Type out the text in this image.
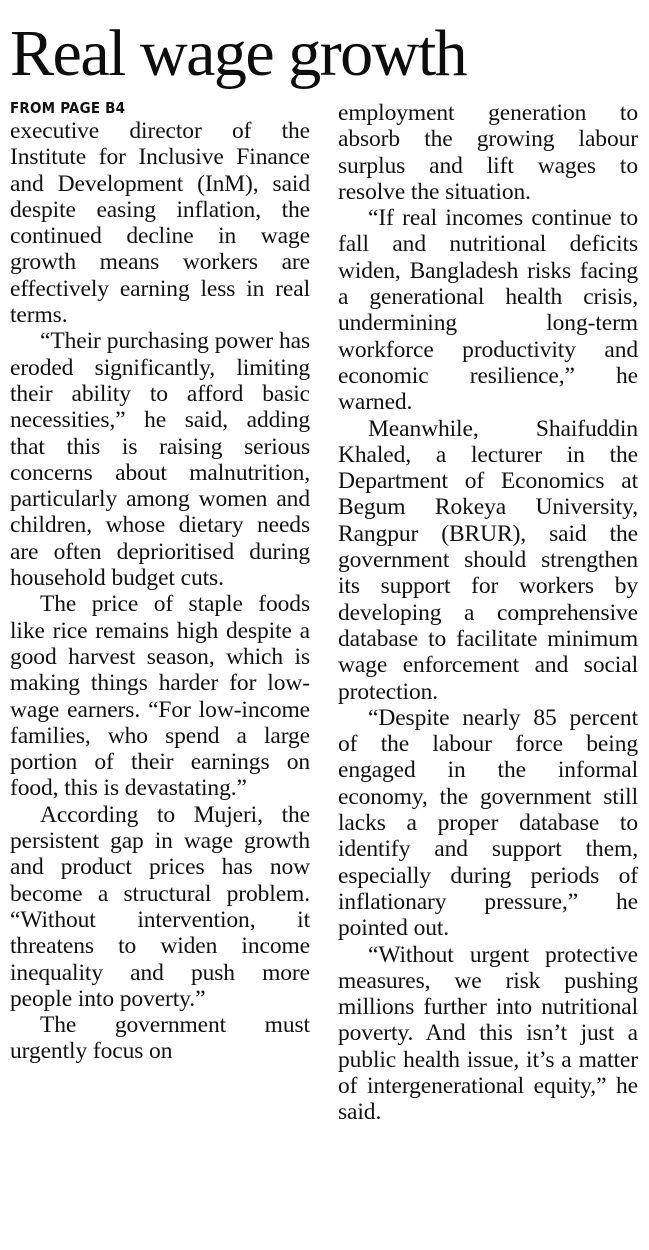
Real wage growth
FROM PAGE B4

executive director of the Institute for Inclusive Finance and Development (InM), said despite easing inflation, the continued decline in wage growth means workers are effectively earning less in real terms.

“Their purchasing power has eroded significantly, limiting their ability to afford basic necessities,” he said, adding that this is raising serious concerns about malnutrition, particularly among women and children, whose dietary needs are often deprioritised during household budget cuts.

The price of staple foods like rice remains high despite a good harvest season, which is making things harder for low-wage earners. “For low-income families, who spend a large portion of their earnings on food, this is devastating.”

According to Mujeri, the persistent gap in wage growth and product prices has now become a structural problem. “Without intervention, it threatens to widen income inequality and push more people into poverty.”

The government must urgently focus on

employment generation to absorb the growing labour surplus and lift wages to resolve the situation.

“If real incomes continue to fall and nutritional deficits widen, Bangladesh risks facing a generational health crisis, undermining long-term workforce productivity and economic resilience,” he warned.

Meanwhile, Shaifuddin Khaled, a lecturer in the Department of Economics at Begum Rokeya University, Rangpur (BRUR), said the government should strengthen its support for workers by developing a comprehensive database to facilitate minimum wage enforcement and social protection.

“Despite nearly 85 percent of the labour force being engaged in the informal economy, the government still lacks a proper database to identify and support them, especially during periods of inflationary pressure,” he pointed out.

“Without urgent protective measures, we risk pushing millions further into nutritional poverty. And this isn’t just a public health issue, it’s a matter of intergenerational equity,” he said.
